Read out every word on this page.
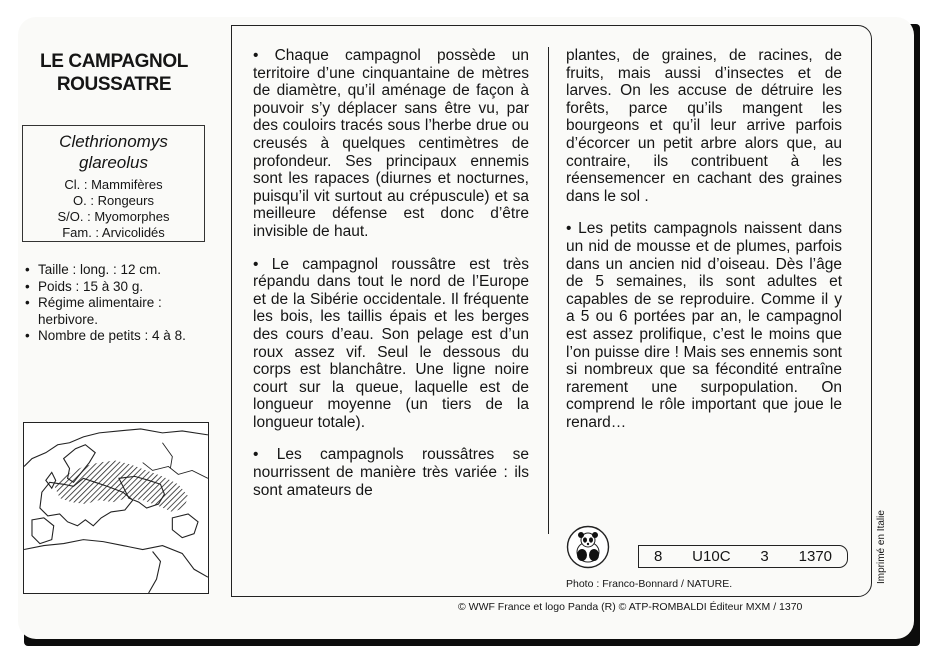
LE CAMPAGNOL ROUSSATRE
Clethrionomys glareolus
Cl. : Mammifères
O. : Rongeurs
S/O. : Myomorphes
Fam. : Arvicolidés
• Taille : long. : 12 cm.
• Poids : 15 à 30 g.
• Régime alimentaire : herbivore.
• Nombre de petits : 4 à 8.

• Chaque campagnol possède un territoire d’une cinquantaine de mètres de diamètre, qu’il aménage de façon à pouvoir s’y déplacer sans être vu, par des couloirs tracés sous l’herbe drue ou creusés à quelques centimètres de profondeur. Ses principaux ennemis sont les rapaces (diurnes et nocturnes, puisqu’il vit surtout au crépuscule) et sa meilleure défense est donc d’être invisible de haut.

• Le campagnol roussâtre est très répandu dans tout le nord de l’Europe et de la Sibérie occidentale. Il fréquente les bois, les taillis épais et les berges des cours d’eau. Son pelage est d’un roux assez vif. Seul le dessous du corps est blanchâtre. Une ligne noire court sur la queue, laquelle est de longueur moyenne (un tiers de la longueur totale).

• Les campagnols roussâtres se nourrissent de manière très variée : ils sont amateurs de

plantes, de graines, de racines, de fruits, mais aussi d’insectes et de larves. On les accuse de détruire les forêts, parce qu’ils mangent les bourgeons et qu’il leur arrive parfois d’écorcer un petit arbre alors que, au contraire, ils contribuent à les réensemencer en cachant des graines dans le sol .

• Les petits campagnols naissent dans un nid de mousse et de plumes, parfois dans un ancien nid d’oiseau. Dès l’âge de 5 semaines, ils sont adultes et capables de se reproduire. Comme il y a 5 ou 6 portées par an, le campagnol est assez prolifique, c’est le moins que l’on puisse dire ! Mais ses ennemis sont si nombreux que sa fécondité entraîne rarement une surpopulation. On comprend le rôle important que joue le renard…

8 U10C 3 1370
Photo : Franco-Bonnard / NATURE.
© WWF France et logo Panda (R) © ATP-ROMBALDI Éditeur MXM / 1370
Imprimé en Italie
